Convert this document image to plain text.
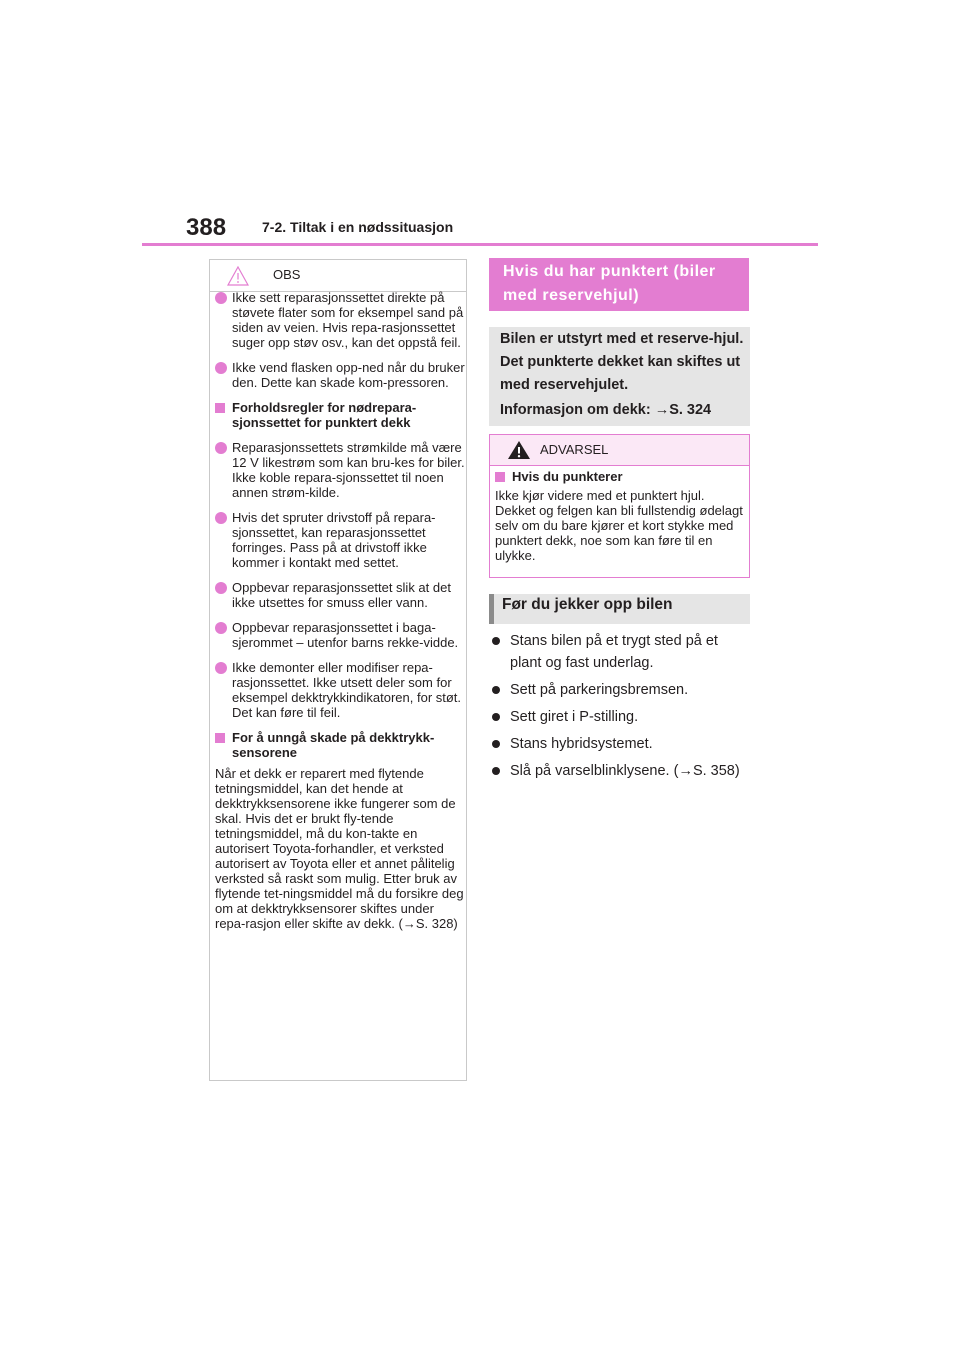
388	7-2. Tiltak i en nødssituasjon
OBS
Ikke sett reparasjonssettet direkte på støvete flater som for eksempel sand på siden av veien. Hvis repa-rasjonssettet suger opp støv osv., kan det oppstå feil.
Ikke vend flasken opp-ned når du bruker den. Dette kan skade kom-pressoren.
Forholdsregler for nødrepara-sjonssettet for punktert dekk
Reparasjonssettets strømkilde må være 12 V likestrøm som kan bru-kes for biler. Ikke koble repara-sjonssettet til noen annen strøm-kilde.
Hvis det spruter drivstoff på repara-sjonssettet, kan reparasjonssettet forringes. Pass på at drivstoff ikke kommer i kontakt med settet.
Oppbevar reparasjonssettet slik at det ikke utsettes for smuss eller vann.
Oppbevar reparasjonssettet i baga-sjerommet – utenfor barns rekke-vidde.
Ikke demonter eller modifiser repa-rasjonssettet. Ikke utsett deler som for eksempel dekktrykkindikatoren, for støt. Det kan føre til feil.
For å unngå skade på dekktrykk-sensorene
Når et dekk er reparert med flytende tetningsmiddel, kan det hende at dekktrykksensorene ikke fungerer som de skal. Hvis det er brukt fly-tende tetningsmiddel, må du kon-takte en autorisert Toyota-forhandler, et verksted autorisert av Toyota eller et annet pålitelig verksted så raskt som mulig. Etter bruk av flytende tet-ningsmiddel må du forsikre deg om at dekktrykksensorer skiftes under repa-rasjon eller skifte av dekk. (→S. 328)
Hvis du har punktert (biler med reservehjul)
Bilen er utstyrt med et reserve-hjul. Det punkterte dekket kan skiftes ut med reservehjulet.
Informasjon om dekk: →S. 324
ADVARSEL
Hvis du punkterer
Ikke kjør videre med et punktert hjul. Dekket og felgen kan bli fullstendig ødelagt selv om du bare kjører et kort stykke med punktert dekk, noe som kan føre til en ulykke.
Før du jekker opp bilen
Stans bilen på et trygt sted på et plant og fast underlag.
Sett på parkeringsbremsen.
Sett giret i P-stilling.
Stans hybridsystemet.
Slå på varselblinklysene. (→S. 358)
